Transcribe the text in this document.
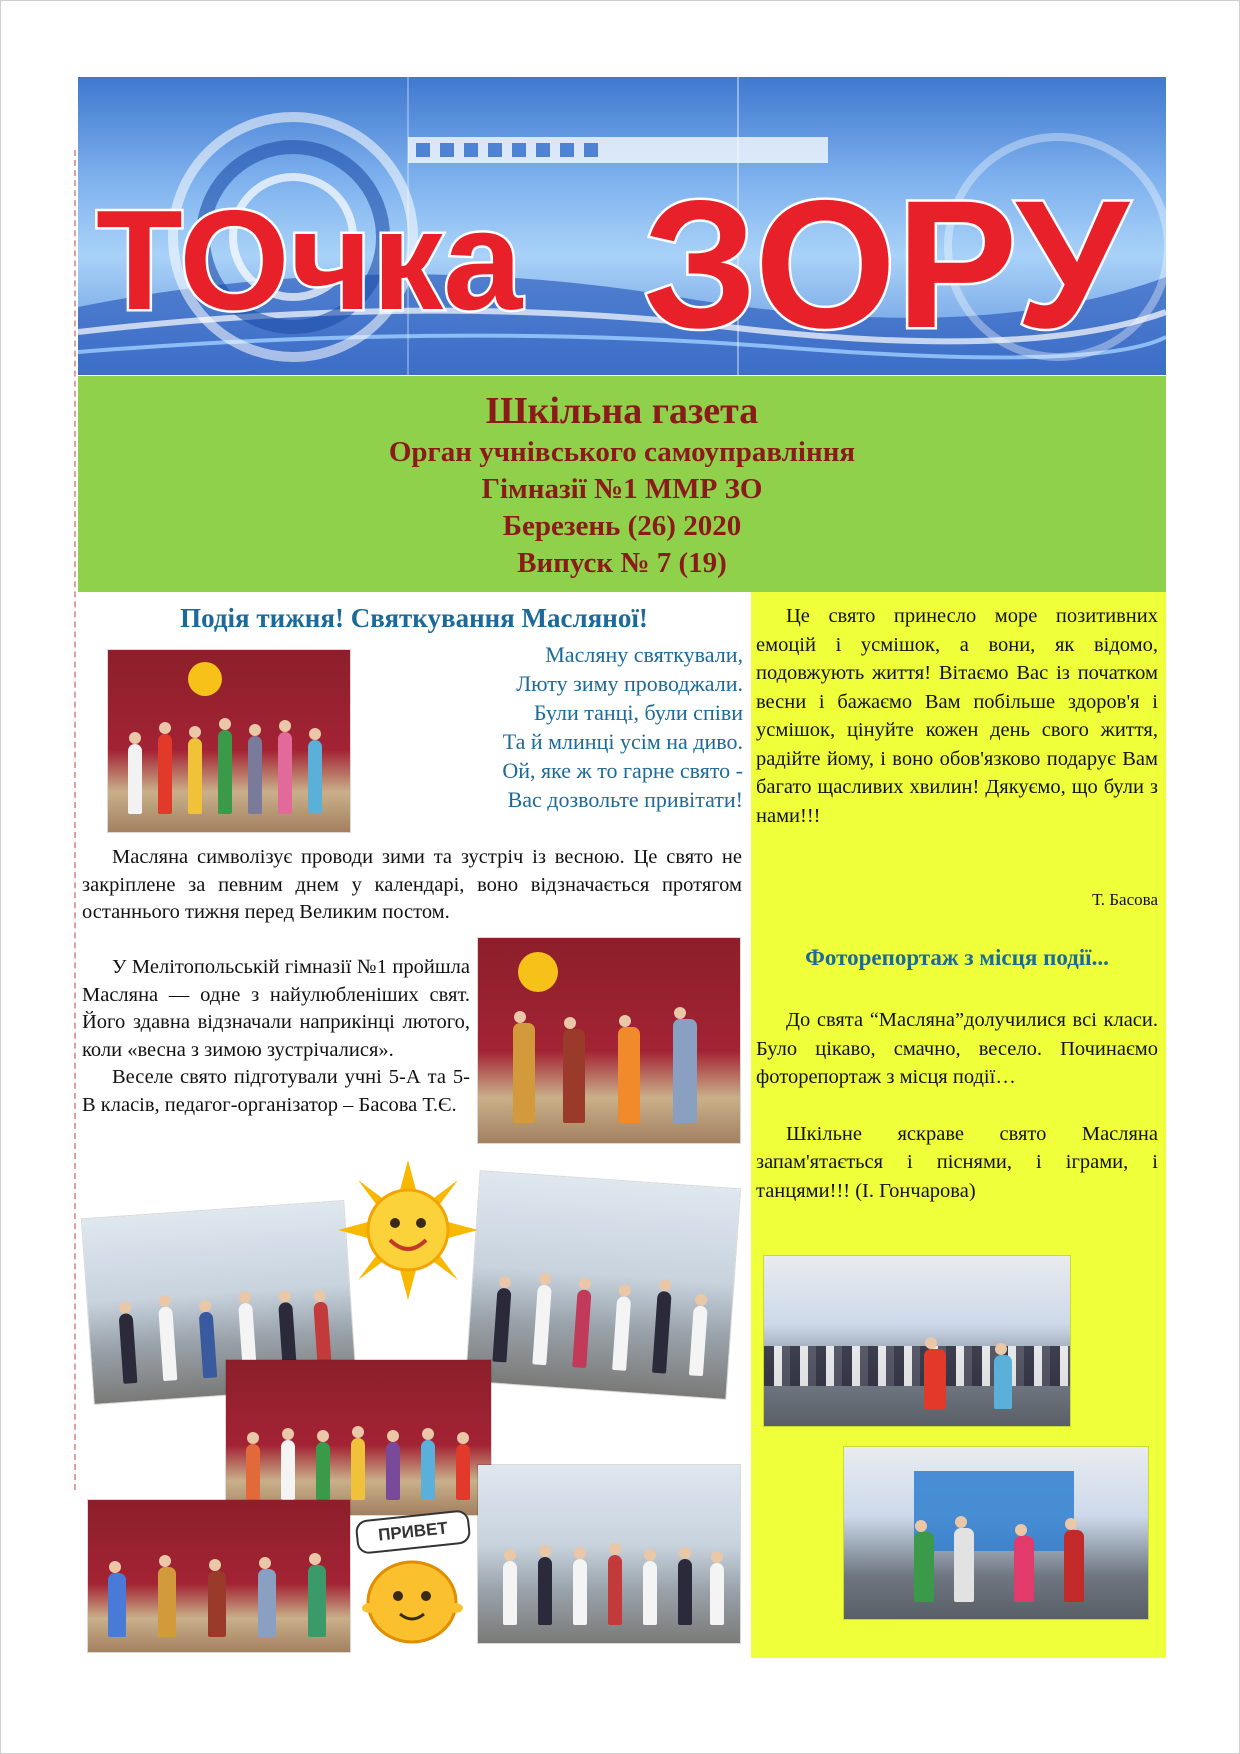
ТОчка ЗОРУ
Шкільна газета
Орган учнівського самоуправління
Гімназії №1 ММР ЗО
Березень (26) 2020
Випуск № 7 (19)
Подія тижня! Святкування Масляної!
Масляну святкували,
Люту зиму проводжали.
Були танці, були співи
Та й млинці усім на диво.
Ой, яке ж то гарне свято -
Вас дозвольте привітати!

Масляна символізує проводи зими та зустріч із весною. Це свято не закріплене за певним днем у календарі, воно відзначається протягом останнього тижня перед Великим постом.

У Мелітопольській гімназії №1 пройшла Масляна — одне з найулюбленіших свят. Його здавна відзначали наприкінці лютого, коли «весна з зимою зустрічалися».

Веселе свято підготували учні 5-А та 5-В класів, педагог-організатор – Басова Т.Є.

ПРИВЕТ

Це свято принесло море позитивних емоцій і усмішок, а вони, як відомо, подовжують життя! Вітаємо Вас із початком весни і бажаємо Вам побільше здоров'я і усмішок, цінуйте кожен день свого життя, радійте йому, і воно обов'язково подарує Вам багато щасливих хвилин! Дякуємо, що були з нами!!!

Т. Басова
Фоторепортаж з місця події...

До свята “Масляна”долучилися всі класи. Було цікаво, смачно, весело. Починаємо фоторепортаж з місця події…

Шкільне яскраве свято Масляна запам'ятається і піснями, і іграми, і танцями!!! (І. Гончарова)
